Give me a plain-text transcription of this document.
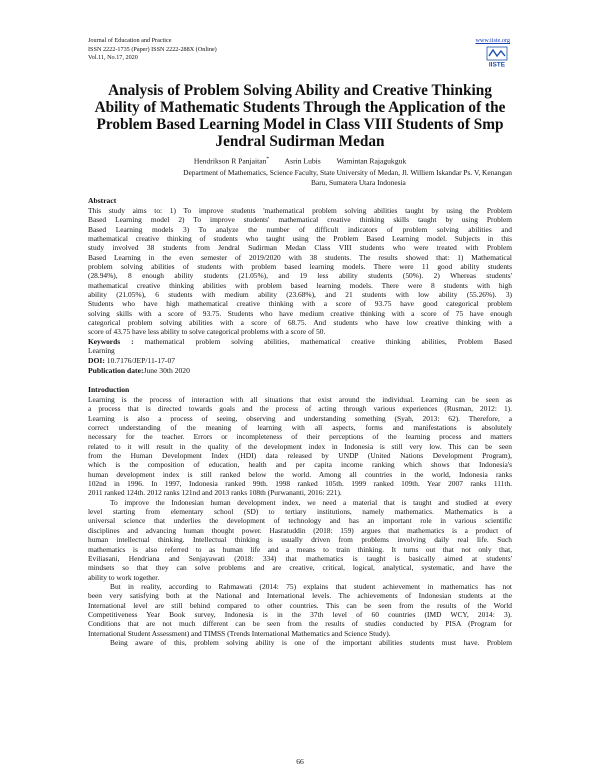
Journal of Education and Practice
ISSN 2222-1735 (Paper) ISSN 2222-288X (Online)
Vol.11, No.17, 2020
www.iiste.org
IISTE
Analysis of Problem Solving Ability and Creative Thinking
Ability of Mathematic Students Through the Application of the
Problem Based Learning Model in Class VIII Students of Smp
Jendral Sudirman Medan
Hendrikson R Panjaitan* Asrin Lubis Wamintan Rajagukguk
Department of Mathematics, Science Faculty, State University of Medan, Jl. Williem Iskandar Ps. V, Kenangan
Baru, Sumatera Utara Indonesia
Abstract
This study aims to: 1) To improve students 'mathematical problem solving abilities taught by using the Problem
Based Learning model 2) To improve students' mathematical creative thinking skills taught by using Problem
Based Learning models 3) To analyze the number of difficult indicators of problem solving abilities and
mathematical creative thinking of students who taught using the Problem Based Learning model. Subjects in this
study involved 38 students from Jendral Sudirman Medan Class VIII students who were treated with Problem
Based Learning in the even semester of 2019/2020 with 38 students. The results showed that: 1) Mathematical
problem solving abilities of students with problem based learning models. There were 11 good ability students
(28.94%), 8 enough ability students (21.05%), and 19 less ability students (50%). 2) Whereas students'
mathematical creative thinking abilities with problem based learning models. There were 8 students with high
ability (21.05%), 6 students with medium ability (23.68%), and 21 students with low ability (55.26%). 3)
Students who have high mathematical creative thinking with a score of 93.75 have good categorical problem
solving skills with a score of 93.75. Students who have medium creative thinking with a score of 75 have enough
categorical problem solving abilities with a score of 68.75. And students who have low creative thinking with a
score of 43.75 have less ability to solve categorical problems with a score of 50.
Keywords : mathematical problem solving abilities, mathematical creative thinking abilities, Problem Based
Learning
DOI: 10.7176/JEP/11-17-07
Publication date:June 30th 2020
Introduction
Learning is the process of interaction with all situations that exist around the individual. Learning can be seen as
a process that is directed towards goals and the process of acting through various experiences (Rusman, 2012: 1).
Learning is also a process of seeing, observing and understanding something (Syah, 2013: 62). Therefore, a
correct understanding of the meaning of learning with all aspects, forms and manifestations is absolutely
necessary for the teacher. Errors or incompleteness of their perceptions of the learning process and matters
related to it will result in the quality of the development index in Indonesia is still very low. This can be seen
from the Human Development Index (HDI) data released by UNDP (United Nations Development Program),
which is the composition of education, health and per capita income ranking which shows that Indonesia's
human development index is still ranked below the world. Among all countries in the world, Indonesia ranks
102nd in 1996. In 1997, Indonesia ranked 99th. 1998 ranked 105th. 1999 ranked 109th. Year 2007 ranks 111th.
2011 ranked 124th. 2012 ranks 121nd and 2013 ranks 108th (Purwananti, 2016: 221).
To improve the Indonesian human development index, we need a material that is taught and studied at every
level starting from elementary school (SD) to tertiary institutions, namely mathematics. Mathematics is a
universal science that underlies the development of technology and has an important role in various scientific
disciplines and advancing human thought power. Hasratuddin (2018: 159) argues that mathematics is a product of
human intellectual thinking. Intellectual thinking is usually driven from problems involving daily real life. Such
mathematics is also referred to as human life and a means to train thinking. It turns out that not only that,
Eviliasani, Hendriana and Senjayawati (2018: 334) that mathematics is taught is basically aimed at students'
mindsets so that they can solve problems and are creative, critical, logical, analytical, systematic, and have the
ability to work together.
But in reality, according to Rahmawati (2014: 75) explains that student achievement in mathematics has not
been very satisfying both at the National and International levels. The achievements of Indonesian students at the
International level are still behind compared to other countries. This can be seen from the results of the World
Competitiveness Year Book survey, Indonesia is in the 37th level of 60 countries (IMD WCY, 2014: 3).
Conditions that are not much different can be seen from the results of studies conducted by PISA (Program for
International Student Assessment) and TIMSS (Trends International Mathematics and Science Study).
Being aware of this, problem solving ability is one of the important abilities students must have. Problem
66
